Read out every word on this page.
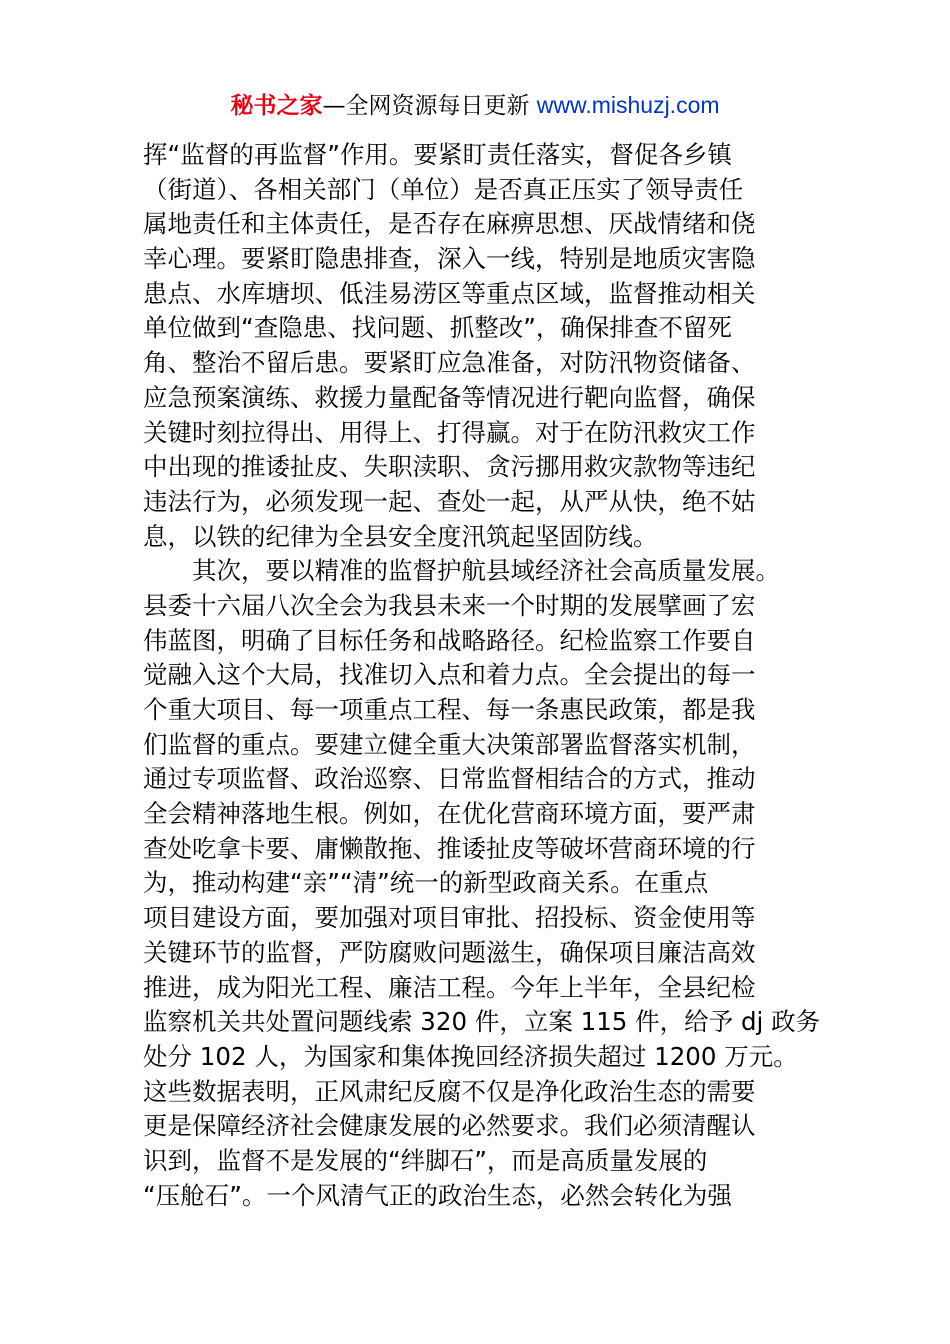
秘书之家—全网资源每日更新 www.mishuzj.com
挥“监督的再监督”作用。要紧盯责任落实，督促各乡镇
（街道）、各相关部门（单位）是否真正压实了领导责任
属地责任和主体责任，是否存在麻痹思想、厌战情绪和侥
幸心理。要紧盯隐患排查，深入一线，特别是地质灾害隐
患点、水库塘坝、低洼易涝区等重点区域，监督推动相关
单位做到“查隐患、找问题、抓整改”，确保排查不留死
角、整治不留后患。要紧盯应急准备，对防汛物资储备、
应急预案演练、救援力量配备等情况进行靶向监督，确保
关键时刻拉得出、用得上、打得赢。对于在防汛救灾工作
中出现的推诿扯皮、失职渎职、贪污挪用救灾款物等违纪
违法行为，必须发现一起、查处一起，从严从快，绝不姑
息，以铁的纪律为全县安全度汛筑起坚固防线。
　　其次，要以精准的监督护航县域经济社会高质量发展。
县委十六届八次全会为我县未来一个时期的发展擘画了宏
伟蓝图，明确了目标任务和战略路径。纪检监察工作要自
觉融入这个大局，找准切入点和着力点。全会提出的每一
个重大项目、每一项重点工程、每一条惠民政策，都是我
们监督的重点。要建立健全重大决策部署监督落实机制，
通过专项监督、政治巡察、日常监督相结合的方式，推动
全会精神落地生根。例如，在优化营商环境方面，要严肃
查处吃拿卡要、庸懒散拖、推诿扯皮等破坏营商环境的行
为，推动构建“亲”“清”统一的新型政商关系。在重点
项目建设方面，要加强对项目审批、招投标、资金使用等
关键环节的监督，严防腐败问题滋生，确保项目廉洁高效
推进，成为阳光工程、廉洁工程。今年上半年，全县纪检
监察机关共处置问题线索 320 件，立案 115 件，给予 dj 政务
处分 102 人，为国家和集体挽回经济损失超过 1200 万元。
这些数据表明，正风肃纪反腐不仅是净化政治生态的需要
更是保障经济社会健康发展的必然要求。我们必须清醒认
识到，监督不是发展的“绊脚石”，而是高质量发展的
“压舱石”。一个风清气正的政治生态，必然会转化为强
